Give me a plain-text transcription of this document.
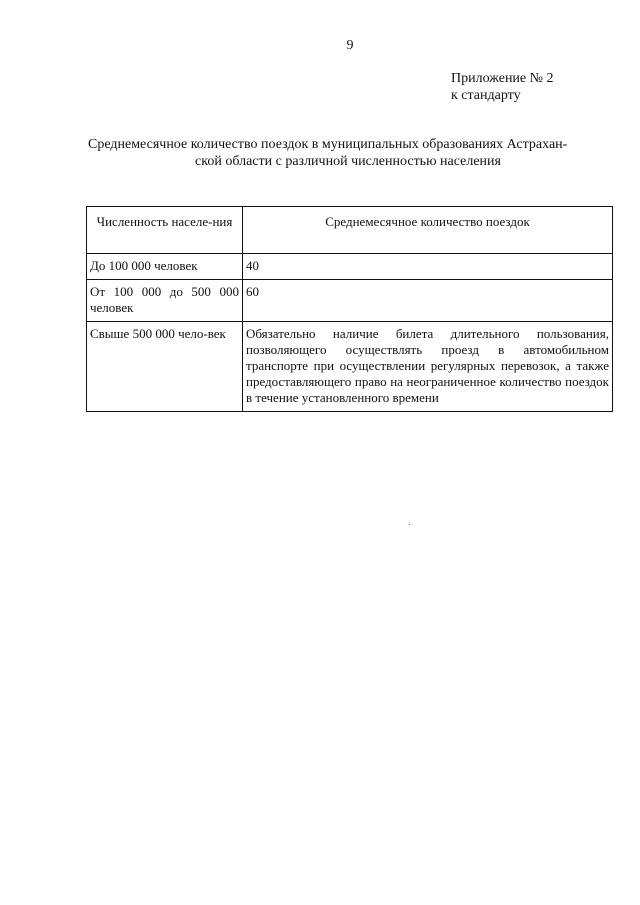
9
Приложение № 2
к стандарту
Среднемесячное количество поездок в муниципальных образованиях Астрахан-
ской области с различной численностью населения
Численность населе-ния	Среднемесячное количество поездок
До 100 000 человек	40
От 100 000 до 500 000 человек	60
Свыше 500 000 чело-век	Обязательно наличие билета длительного пользования, позволяющего осуществлять проезд в автомобильном транспорте при осуществлении регулярных перевозок, а также предоставляющего право на неограниченное количество поездок в течение установленного времени
